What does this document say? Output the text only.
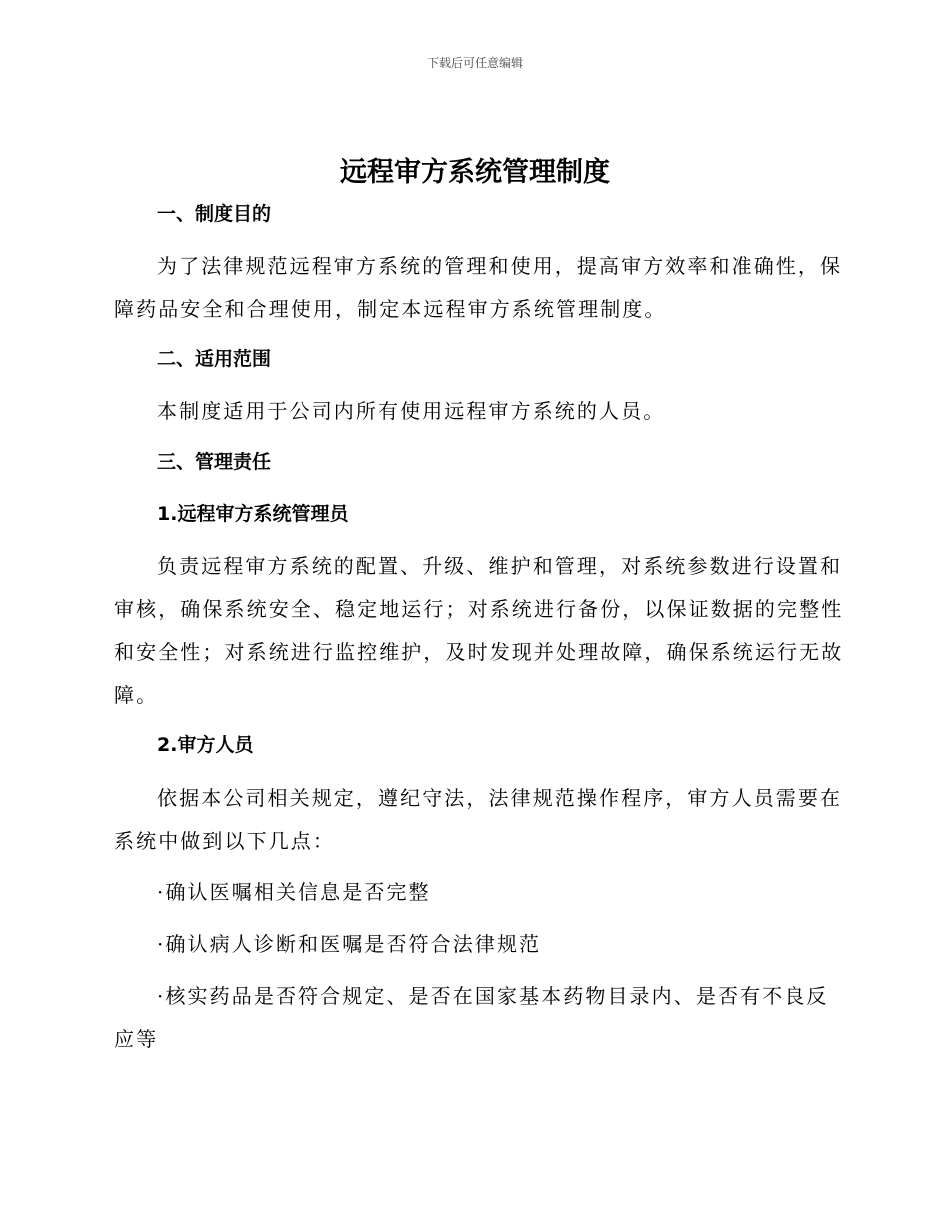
下载后可任意编辑
远程审方系统管理制度
一、制度目的
为了法律规范远程审方系统的管理和使用，提高审方效率和准确性，保
障药品安全和合理使用，制定本远程审方系统管理制度。
二、适用范围
本制度适用于公司内所有使用远程审方系统的人员。
三、管理责任
1.远程审方系统管理员
负责远程审方系统的配置、升级、维护和管理，对系统参数进行设置和
审核，确保系统安全、稳定地运行；对系统进行备份，以保证数据的完整性
和安全性；对系统进行监控维护，及时发现并处理故障，确保系统运行无故
障。
2.审方人员
依据本公司相关规定，遵纪守法，法律规范操作程序，审方人员需要在
系统中做到以下几点：
·确认医嘱相关信息是否完整
·确认病人诊断和医嘱是否符合法律规范
·核实药品是否符合规定、是否在国家基本药物目录内、是否有不良反
应等
